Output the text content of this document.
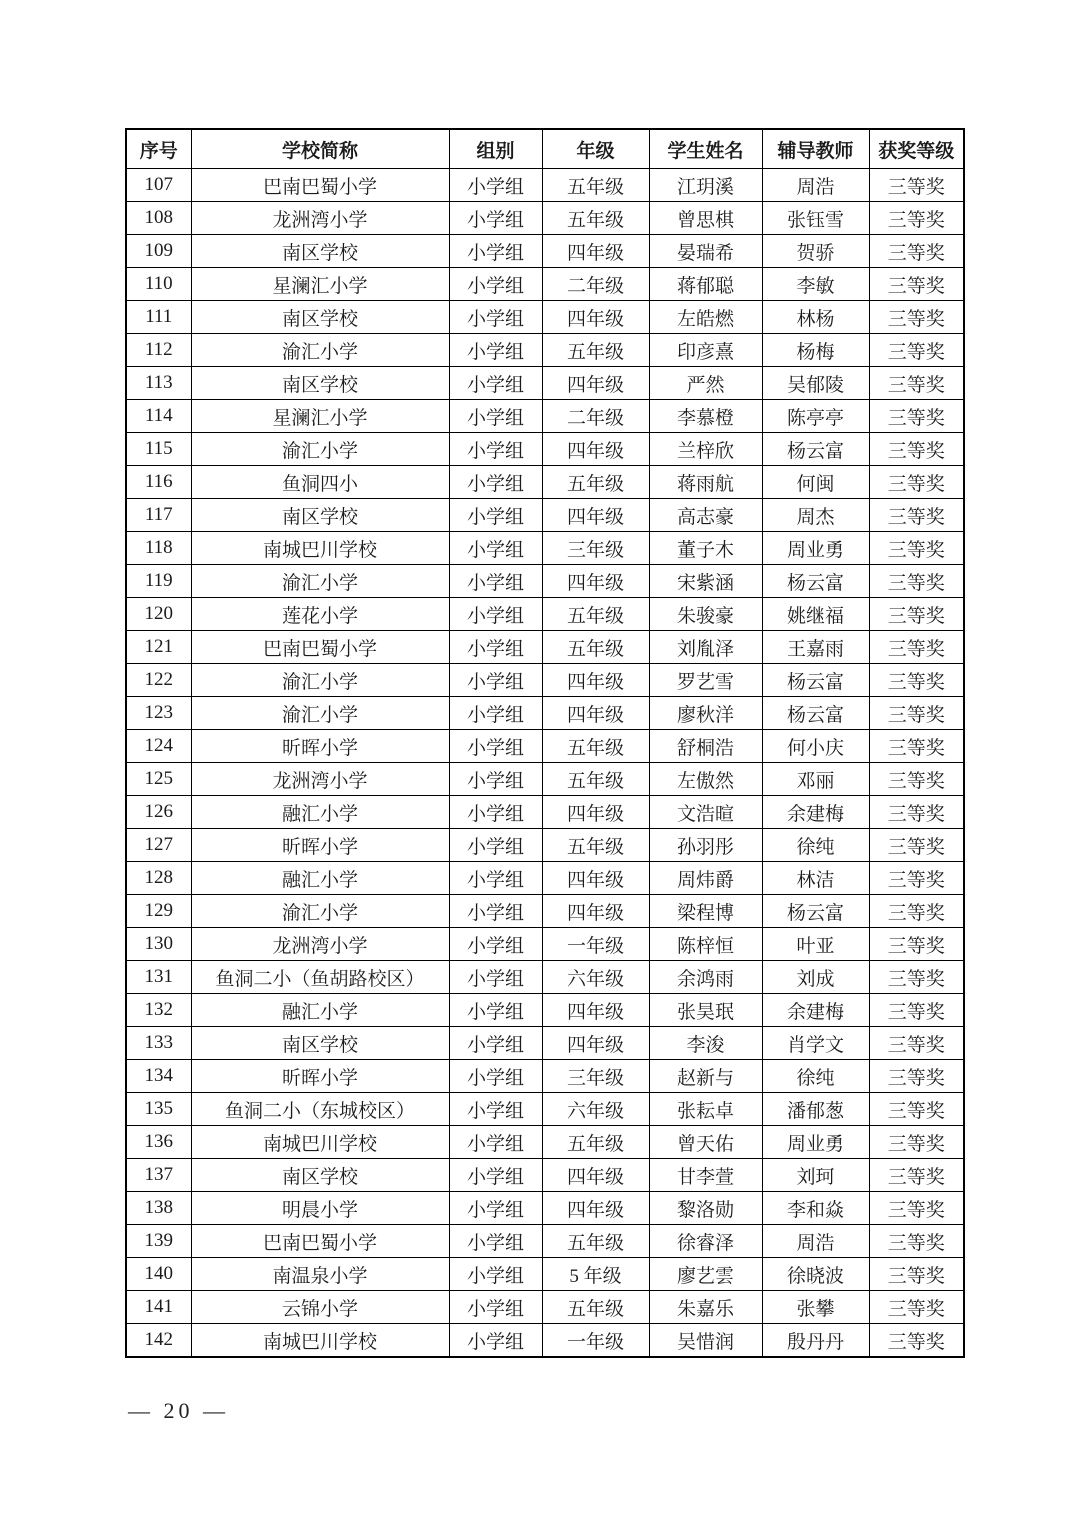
序号	学校简称	组别	年级	学生姓名	辅导教师	获奖等级
107	巴南巴蜀小学	小学组	五年级	江玥溪	周浩	三等奖
108	龙洲湾小学	小学组	五年级	曾思棋	张钰雪	三等奖
109	南区学校	小学组	四年级	晏瑞希	贺骄	三等奖
110	星澜汇小学	小学组	二年级	蒋郁聪	李敏	三等奖
111	南区学校	小学组	四年级	左皓燃	林杨	三等奖
112	渝汇小学	小学组	五年级	印彦熹	杨梅	三等奖
113	南区学校	小学组	四年级	严然	吴郁陵	三等奖
114	星澜汇小学	小学组	二年级	李慕橙	陈亭亭	三等奖
115	渝汇小学	小学组	四年级	兰梓欣	杨云富	三等奖
116	鱼洞四小	小学组	五年级	蒋雨航	何闽	三等奖
117	南区学校	小学组	四年级	高志豪	周杰	三等奖
118	南城巴川学校	小学组	三年级	董子木	周业勇	三等奖
119	渝汇小学	小学组	四年级	宋紫涵	杨云富	三等奖
120	莲花小学	小学组	五年级	朱骏豪	姚继福	三等奖
121	巴南巴蜀小学	小学组	五年级	刘胤泽	王嘉雨	三等奖
122	渝汇小学	小学组	四年级	罗艺雪	杨云富	三等奖
123	渝汇小学	小学组	四年级	廖秋洋	杨云富	三等奖
124	昕晖小学	小学组	五年级	舒桐浩	何小庆	三等奖
125	龙洲湾小学	小学组	五年级	左傲然	邓丽	三等奖
126	融汇小学	小学组	四年级	文浩暄	余建梅	三等奖
127	昕晖小学	小学组	五年级	孙羽彤	徐纯	三等奖
128	融汇小学	小学组	四年级	周炜爵	林洁	三等奖
129	渝汇小学	小学组	四年级	梁程博	杨云富	三等奖
130	龙洲湾小学	小学组	一年级	陈梓恒	叶亚	三等奖
131	鱼洞二小（鱼胡路校区）	小学组	六年级	余鸿雨	刘成	三等奖
132	融汇小学	小学组	四年级	张昊珉	余建梅	三等奖
133	南区学校	小学组	四年级	李浚	肖学文	三等奖
134	昕晖小学	小学组	三年级	赵新与	徐纯	三等奖
135	鱼洞二小（东城校区）	小学组	六年级	张耘卓	潘郁葱	三等奖
136	南城巴川学校	小学组	五年级	曾天佑	周业勇	三等奖
137	南区学校	小学组	四年级	甘李萱	刘珂	三等奖
138	明晨小学	小学组	四年级	黎洛勋	李和焱	三等奖
139	巴南巴蜀小学	小学组	五年级	徐睿泽	周浩	三等奖
140	南温泉小学	小学组	5 年级	廖艺雲	徐晓波	三等奖
141	云锦小学	小学组	五年级	朱嘉乐	张攀	三等奖
142	南城巴川学校	小学组	一年级	吴惜润	殷丹丹	三等奖
— 20 —
